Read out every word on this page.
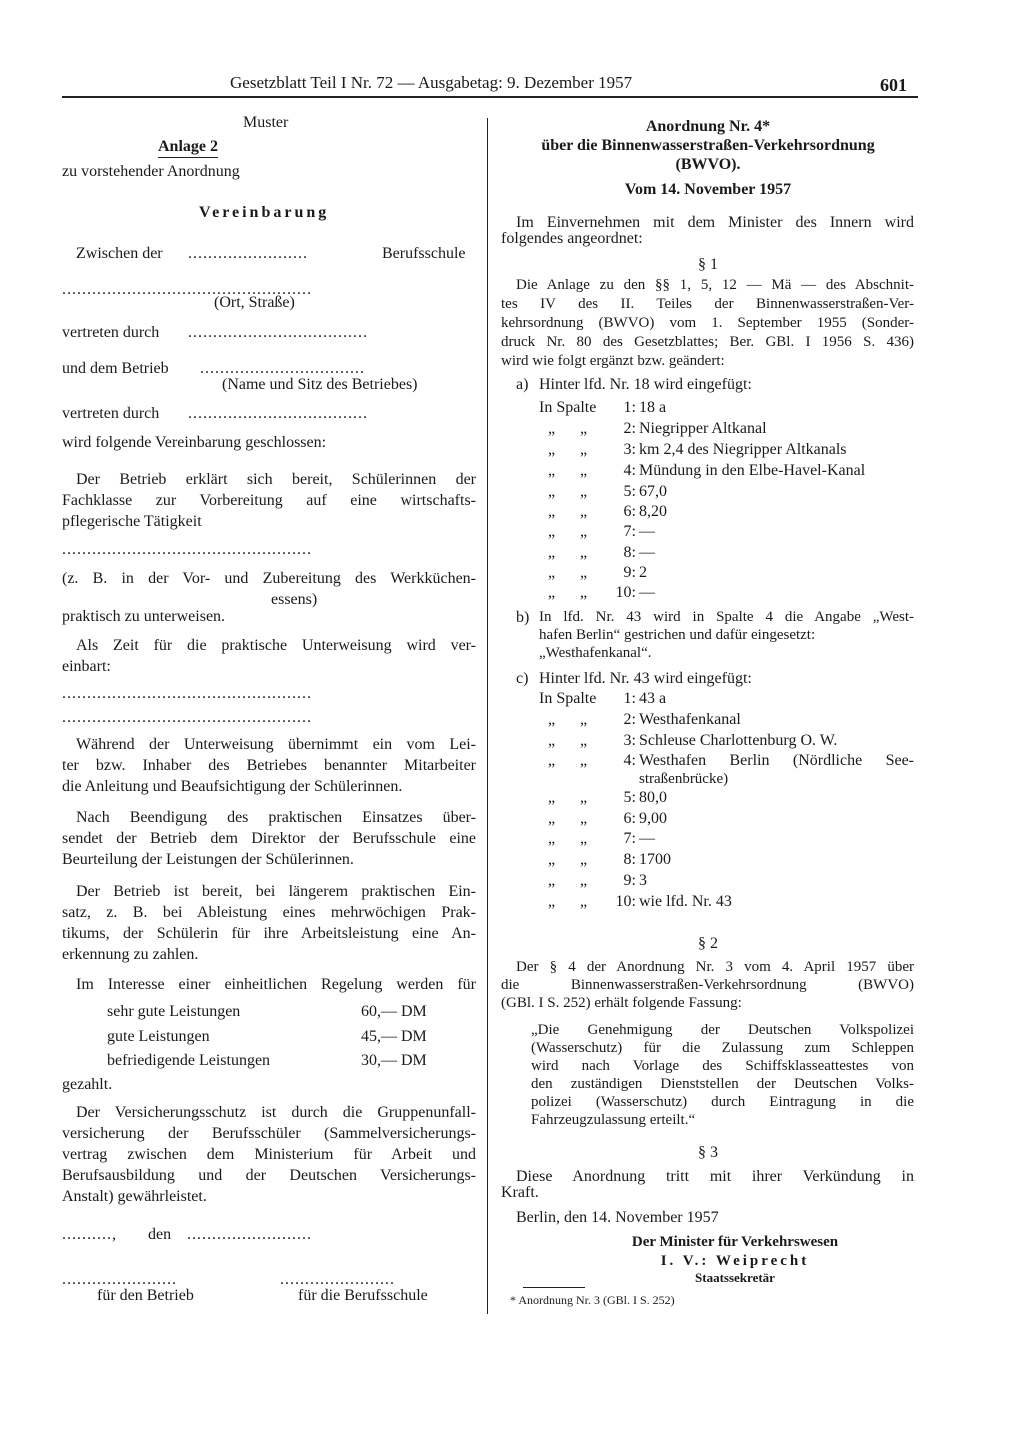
Gesetzblatt Teil I Nr. 72 — Ausgabetag: 9. Dezember 1957	601
Muster
Anlage 2
zu vorstehender Anordnung
Vereinbarung
Zwischen der ........................	Berufsschule
..................................................
(Ort, Straße)
vertreten durch ....................................
und dem Betrieb .................................
(Name und Sitz des Betriebes)
vertreten durch ....................................
wird folgende Vereinbarung geschlossen:
Der Betrieb erklärt sich bereit, Schülerinnen der
Fachklasse zur Vorbereitung auf eine wirtschafts-
pflegerische Tätigkeit
..................................................
(z. B. in der Vor- und Zubereitung des Werkküchen-
essens)
praktisch zu unterweisen.
Als Zeit für die praktische Unterweisung wird ver-
einbart:
..................................................
..................................................
Während der Unterweisung übernimmt ein vom Lei-
ter bzw. Inhaber des Betriebes benannter Mitarbeiter
die Anleitung und Beaufsichtigung der Schülerinnen.
Nach Beendigung des praktischen Einsatzes über-
sendet der Betrieb dem Direktor der Berufsschule eine
Beurteilung der Leistungen der Schülerinnen.
Der Betrieb ist bereit, bei längerem praktischen Ein-
satz, z. B. bei Ableistung eines mehrwöchigen Prak-
tikums, der Schülerin für ihre Arbeitsleistung eine An-
erkennung zu zahlen.
Im Interesse einer einheitlichen Regelung werden für
sehr gute Leistungen	60,— DM
gute Leistungen	45,— DM
befriedigende Leistungen	30,— DM
gezahlt.
Der Versicherungsschutz ist durch die Gruppenunfall-
versicherung der Berufsschüler (Sammelversicherungs-
vertrag zwischen dem Ministerium für Arbeit und
Berufsausbildung und der Deutschen Versicherungs-
Anstalt) gewährleistet.
.........., den .........................
.......................	.......................
für den Betrieb	für die Berufsschule
Anordnung Nr. 4*
über die Binnenwasserstraßen-Verkehrsordnung
(BWVO).
Vom 14. November 1957
Im Einvernehmen mit dem Minister des Innern wird
folgendes angeordnet:
§ 1
Die Anlage zu den §§ 1, 5, 12 — Mä — des Abschnit-
tes IV des II. Teiles der Binnenwasserstraßen-Ver-
kehrsordnung (BWVO) vom 1. September 1955 (Sonder-
druck Nr. 80 des Gesetzblattes; Ber. GBl. I 1956 S. 436)
wird wie folgt ergänzt bzw. geändert:
a) Hinter lfd. Nr. 18 wird eingefügt:
In Spalte	1: 18 a
„ „	2: Niegripper Altkanal
„ „	3: km 2,4 des Niegripper Altkanals
„ „	4: Mündung in den Elbe-Havel-Kanal
„ „	5: 67,0
„ „	6: 8,20
„ „	7: —
„ „	8: —
„ „	9: 2
„ „	10: —
b) In lfd. Nr. 43 wird in Spalte 4 die Angabe „West-
hafen Berlin“ gestrichen und dafür eingesetzt:
„Westhafenkanal“.
c) Hinter lfd. Nr. 43 wird eingefügt:
In Spalte	1: 43 a
„ „	2: Westhafenkanal
„ „	3: Schleuse Charlottenburg O. W.
„ „	4: Westhafen Berlin (Nördliche See-
straßenbrücke)
„ „	5: 80,0
„ „	6: 9,00
„ „	7: —
„ „	8: 1700
„ „	9: 3
„ „	10: wie lfd. Nr. 43
§ 2
Der § 4 der Anordnung Nr. 3 vom 4. April 1957 über
die Binnenwasserstraßen-Verkehrsordnung (BWVO)
(GBl. I S. 252) erhält folgende Fassung:
„Die Genehmigung der Deutschen Volkspolizei
(Wasserschutz) für die Zulassung zum Schleppen
wird nach Vorlage des Schiffsklasseattestes von
den zuständigen Dienststellen der Deutschen Volks-
polizei (Wasserschutz) durch Eintragung in die
Fahrzeugzulassung erteilt.“
§ 3
Diese Anordnung tritt mit ihrer Verkündung in
Kraft.
Berlin, den 14. November 1957
Der Minister für Verkehrswesen
I. V.: Weiprecht
Staatssekretär
* Anordnung Nr. 3 (GBl. I S. 252)
